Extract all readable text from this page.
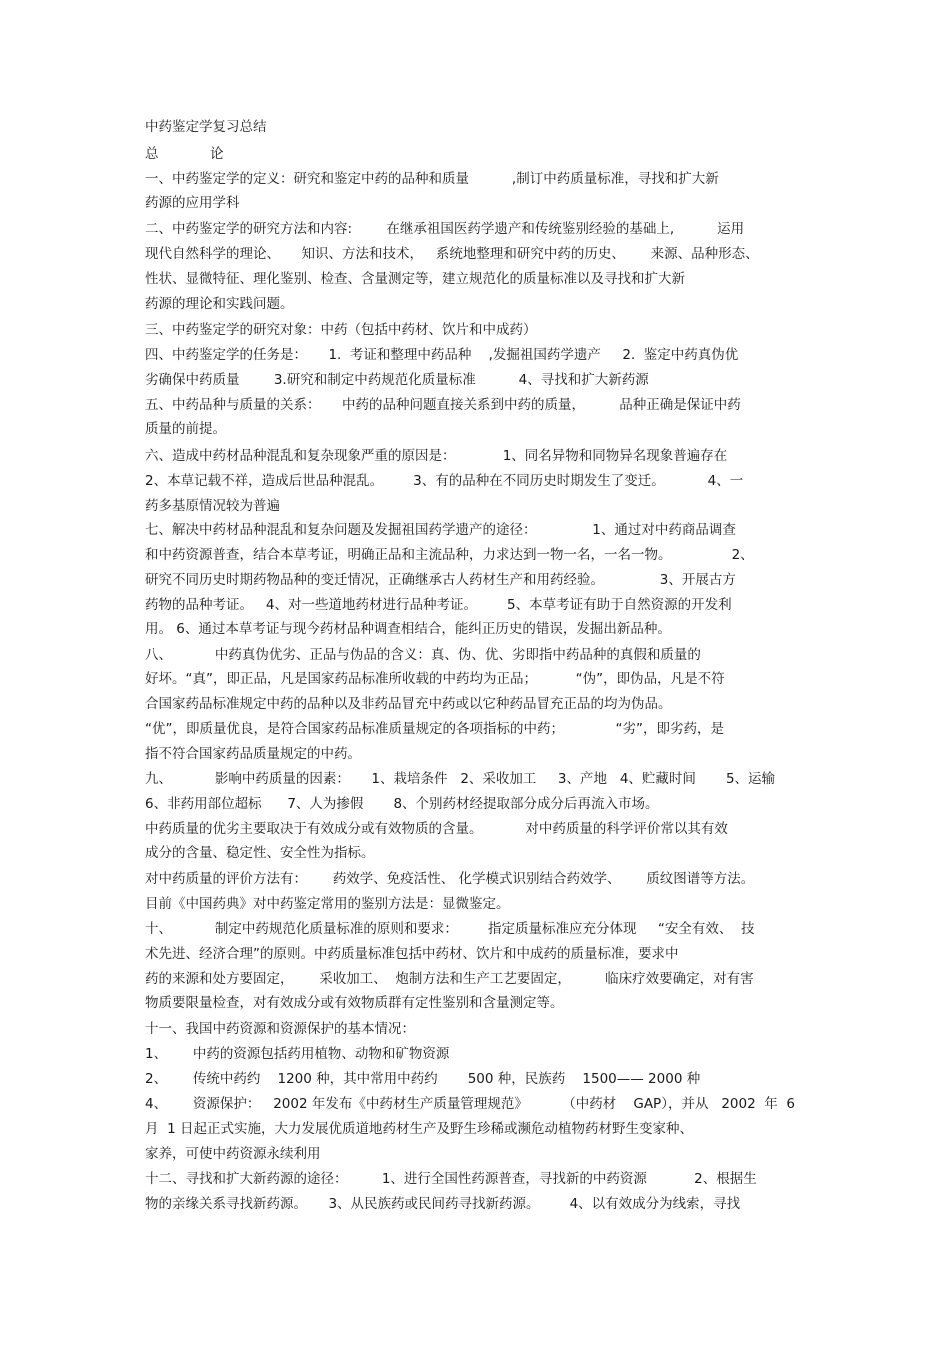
中药鉴定学复习总结
总            论
一、中药鉴定学的定义：研究和鉴定中药的品种和质量          ,制订中药质量标准，寻找和扩大新
药源的应用学科
二、中药鉴定学的研究方法和内容:        在继承祖国医药学遗产和传统鉴别经验的基础上,          运用
现代自然科学的理论、     知识、方法和技术，   系统地整理和研究中药的历史、      来源、品种形态、
性状、显微特征、理化鉴别、检查、含量测定等，建立规范化的质量标准以及寻找和扩大新
药源的理论和实践问题。
三、中药鉴定学的研究对象：中药（包括中药材、饮片和中成药）
四、中药鉴定学的任务是：     1.  考证和整理中药品种    ,发掘祖国药学遗产     2.  鉴定中药真伪优
劣确保中药质量        3.研究和制定中药规范化质量标准          4、寻找和扩大新药源
五、中药品种与质量的关系：     中药的品种问题直接关系到中药的质量，        品种正确是保证中药
质量的前提。
六、造成中药材品种混乱和复杂现象严重的原因是：           1、同名异物和同物异名现象普遍存在
2、本草记载不祥，造成后世品种混乱。       3、有的品种在不同历史时期发生了变迁。          4、一
药多基原情况较为普遍
七、解决中药材品种混乱和复杂问题及发掘祖国药学遗产的途径：             1、通过对中药商品调查
和中药资源普查，结合本草考证，明确正品和主流品种，力求达到一物一名，一名一物。              2、
研究不同历史时期药物品种的变迁情况，正确继承古人药材生产和用药经验。             3、开展古方
药物的品种考证。   4、对一些道地药材进行品种考证。       5、本草考证有助于自然资源的开发利
用。 6、通过本草考证与现今药材品种调查相结合，能纠正历史的错误，发掘出新品种。
八、          中药真伪优劣、正品与伪品的含义：真、伪、优、劣即指中药品种的真假和质量的
好坏。“真”，即正品，凡是国家药品标准所收载的中药均为正品；         “伪”，即伪品，凡是不符
合国家药品标准规定中药的品种以及非药品冒充中药或以它种药品冒充正品的均为伪品。
“优”，即质量优良，是符合国家药品标准质量规定的各项指标的中药；            “劣”，即劣药，是
指不符合国家药品质量规定的中药。
九、          影响中药质量的因素：     1、栽培条件   2、采收加工     3、产地   4、贮藏时间       5、运输
6、非药用部位超标      7、人为掺假       8、个别药材经提取部分成分后再流入市场。
中药质量的优劣主要取决于有效成分或有效物质的含量。          对中药质量的科学评价常以其有效
成分的含量、稳定性、安全性为指标。
对中药质量的评价方法有：      药效学、免疫活性、 化学模式识别结合药效学、      质纹图谱等方法。
目前《中国药典》对中药鉴定常用的鉴别方法是：显微鉴定。
十、          制定中药规范化质量标准的原则和要求：       指定质量标准应充分体现     “安全有效、  技
术先进、经济合理”的原则。中药质量标准包括中药材、饮片和中成药的质量标准，要求中
药的来源和处方要固定，      采收加工、  炮制方法和生产工艺要固定，        临床疗效要确定，对有害
物质要限量检查，对有效成分或有效物质群有定性鉴别和含量测定等。
十一、我国中药资源和资源保护的基本情况：
1、      中药的资源包括药用植物、动物和矿物资源
2、      传统中药约    1200 种，其中常用中药约       500 种，民族药    1500—— 2000 种
4、      资源保护：   2002 年发布《中药材生产质量管理规范》        （中药材    GAP），并从   2002  年  6
月  1 日起正式实施，大力发展优质道地药材生产及野生珍稀或濒危动植物药材野生变家种、
家养，可使中药资源永续利用
十二、寻找和扩大新药源的途径：        1、进行全国性药源普查，寻找新的中药资源           2、根据生
物的亲缘关系寻找新药源。     3、从民族药或民间药寻找新药源。       4、以有效成分为线索，寻找
